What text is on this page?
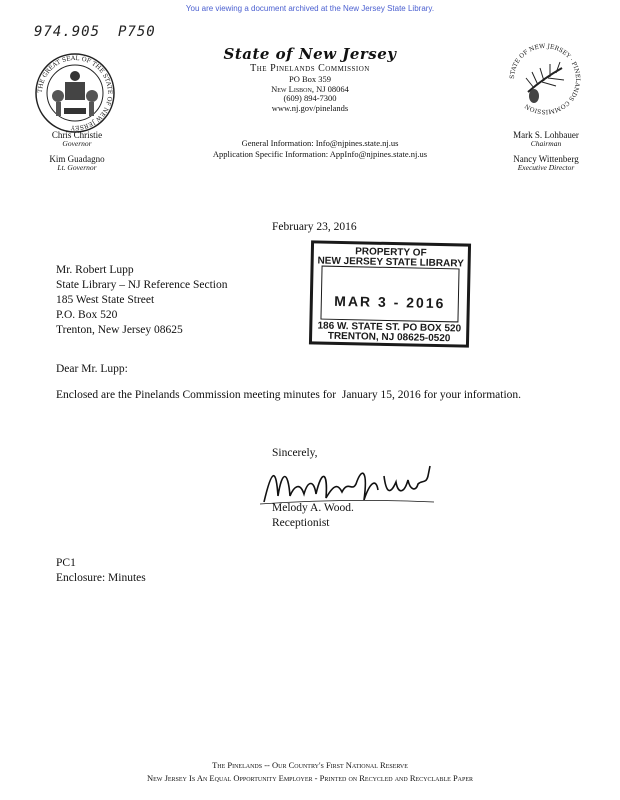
You are viewing a document archived at the New Jersey State Library.
974.905 P750
THE GREAT SEAL OF THE STATE OF NEW JERSEY
STATE OF NEW JERSEY · PINELANDS COMMISSION
State of New Jersey
The Pinelands Commission
PO Box 359
New Lisbon, NJ 08064
(609) 894-7300
www.nj.gov/pinelands
General Information: Info@njpines.state.nj.us
Application Specific Information: AppInfo@njpines.state.nj.us
Chris Christie
Governor
Kim Guadagno
Lt. Governor
Mark S. Lohbauer
Chairman
Nancy Wittenberg
Executive Director
February 23, 2016
Mr. Robert Lupp
State Library – NJ Reference Section
185 West State Street
P.O. Box 520
Trenton, New Jersey 08625
PROPERTY OF
NEW JERSEY STATE LIBRARY
MAR 3 - 2016
186 W. STATE ST. PO BOX 520
TRENTON, NJ 08625-0520
Dear Mr. Lupp:
Enclosed are the Pinelands Commission meeting minutes for  January 15, 2016 for your information.
Sincerely,
Melody A. Wood.
Receptionist
PC1
Enclosure: Minutes
The Pinelands -- Our Country's First National Reserve
New Jersey Is An Equal Opportunity Employer - Printed on Recycled and Recyclable Paper
